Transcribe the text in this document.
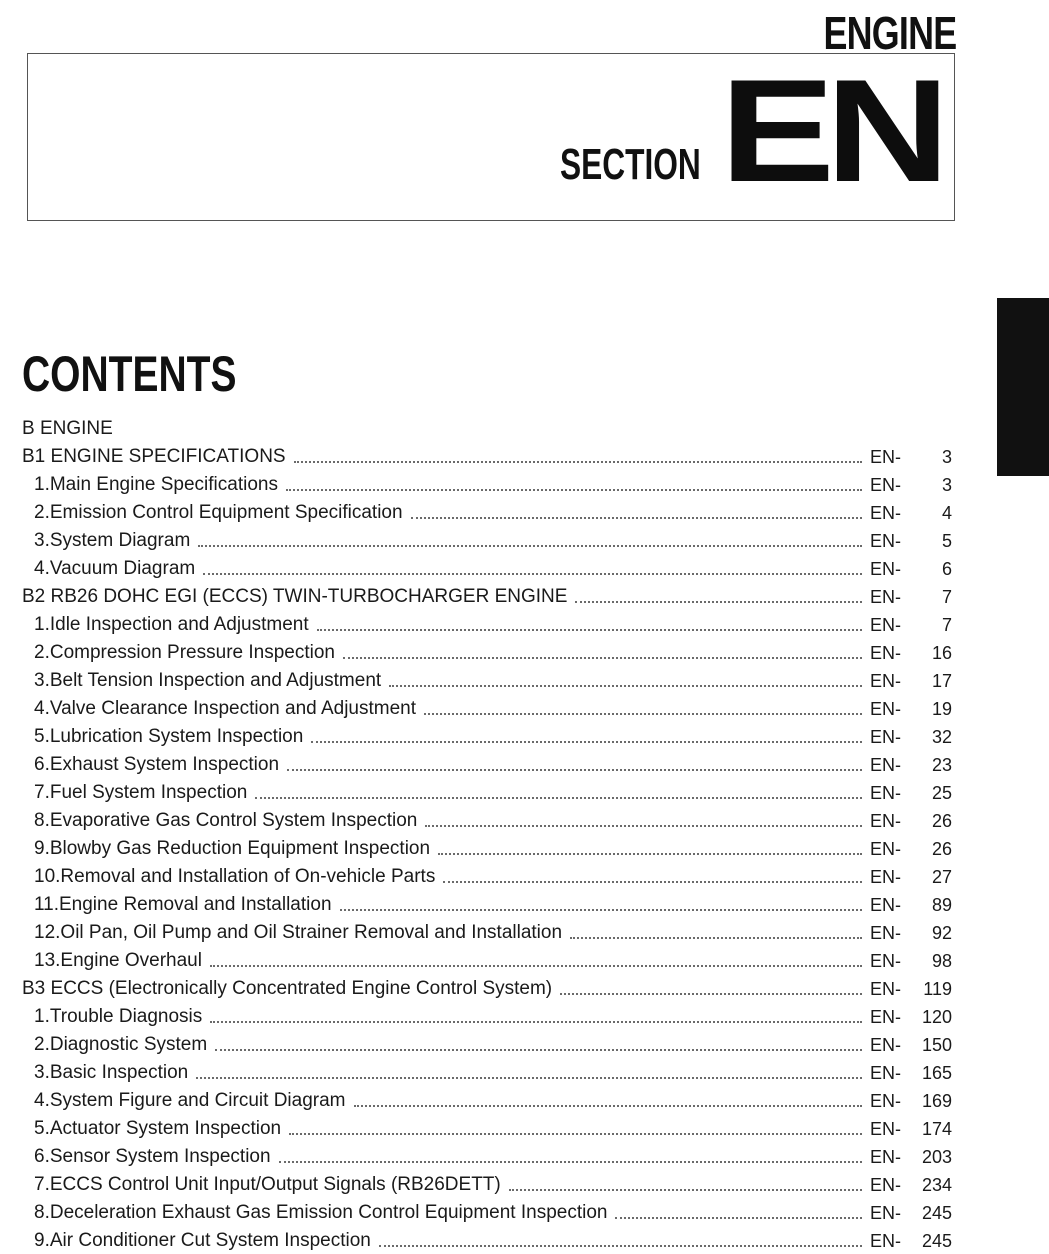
ENGINE
SECTION EN
CONTENTS
B ENGINE
B1 ENGINE SPECIFICATIONS	EN- 3
1.Main Engine Specifications	EN- 3
2.Emission Control Equipment Specification	EN- 4
3.System Diagram	EN- 5
4.Vacuum Diagram	EN- 6
B2 RB26 DOHC EGI (ECCS) TWIN-TURBOCHARGER ENGINE	EN- 7
1.Idle Inspection and Adjustment	EN- 7
2.Compression Pressure Inspection	EN- 16
3.Belt Tension Inspection and Adjustment	EN- 17
4.Valve Clearance Inspection and Adjustment	EN- 19
5.Lubrication System Inspection	EN- 32
6.Exhaust System Inspection	EN- 23
7.Fuel System Inspection	EN- 25
8.Evaporative Gas Control System Inspection	EN- 26
9.Blowby Gas Reduction Equipment Inspection	EN- 26
10.Removal and Installation of On-vehicle Parts	EN- 27
11.Engine Removal and Installation	EN- 89
12.Oil Pan, Oil Pump and Oil Strainer Removal and Installation	EN- 92
13.Engine Overhaul	EN- 98
B3 ECCS (Electronically Concentrated Engine Control System)	EN- 119
1.Trouble Diagnosis	EN- 120
2.Diagnostic System	EN- 150
3.Basic Inspection	EN- 165
4.System Figure and Circuit Diagram	EN- 169
5.Actuator System Inspection	EN- 174
6.Sensor System Inspection	EN- 203
7.ECCS Control Unit Input/Output Signals (RB26DETT)	EN- 234
8.Deceleration Exhaust Gas Emission Control Equipment Inspection	EN- 245
9.Air Conditioner Cut System Inspection	EN- 245
